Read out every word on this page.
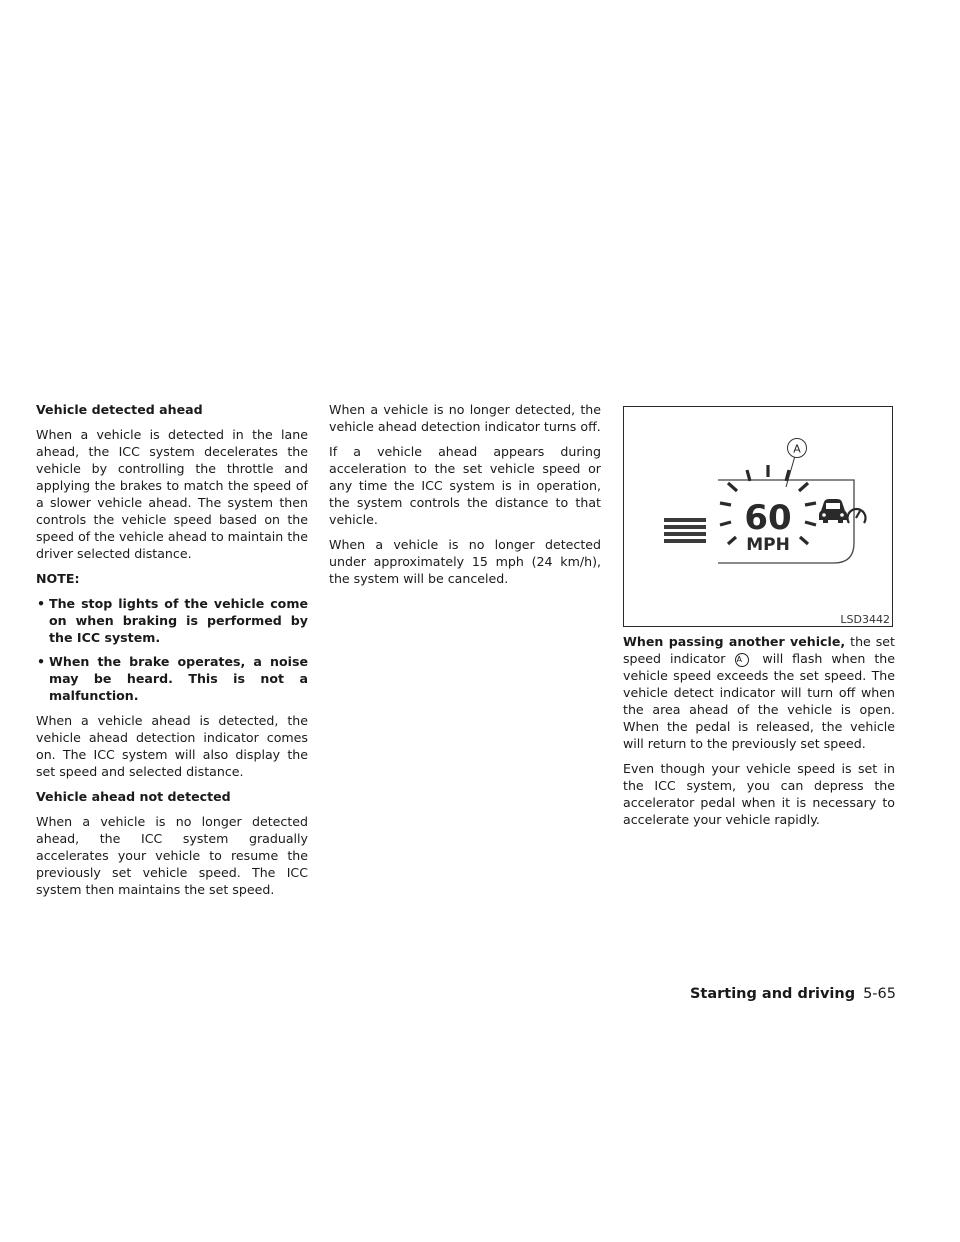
Vehicle detected ahead

When a vehicle is detected in the lane ahead, the ICC system decelerates the vehicle by controlling the throttle and applying the brakes to match the speed of a slower vehicle ahead. The system then controls the vehicle speed based on the speed of the vehicle ahead to maintain the driver selected distance.

NOTE:
• The stop lights of the vehicle come on when braking is performed by the ICC system.
• When the brake operates, a noise may be heard. This is not a malfunction.

When a vehicle ahead is detected, the vehicle ahead detection indicator comes on. The ICC system will also display the set speed and selected distance.

Vehicle ahead not detected

When a vehicle is no longer detected ahead, the ICC system gradually accelerates your vehicle to resume the previously set vehicle speed. The ICC system then maintains the set speed.

When a vehicle is no longer detected, the vehicle ahead detection indicator turns off.

If a vehicle ahead appears during acceleration to the set vehicle speed or any time the ICC system is in operation, the system controls the distance to that vehicle.

When a vehicle is no longer detected under approximately 15 mph (24 km/h), the system will be canceled.

A
60
MPH
LSD3442

When passing another vehicle, the set speed indicator A will flash when the vehicle speed exceeds the set speed. The vehicle detect indicator will turn off when the area ahead of the vehicle is open. When the pedal is released, the vehicle will return to the previously set speed.

Even though your vehicle speed is set in the ICC system, you can depress the accelerator pedal when it is necessary to accelerate your vehicle rapidly.

Starting and driving 5-65
